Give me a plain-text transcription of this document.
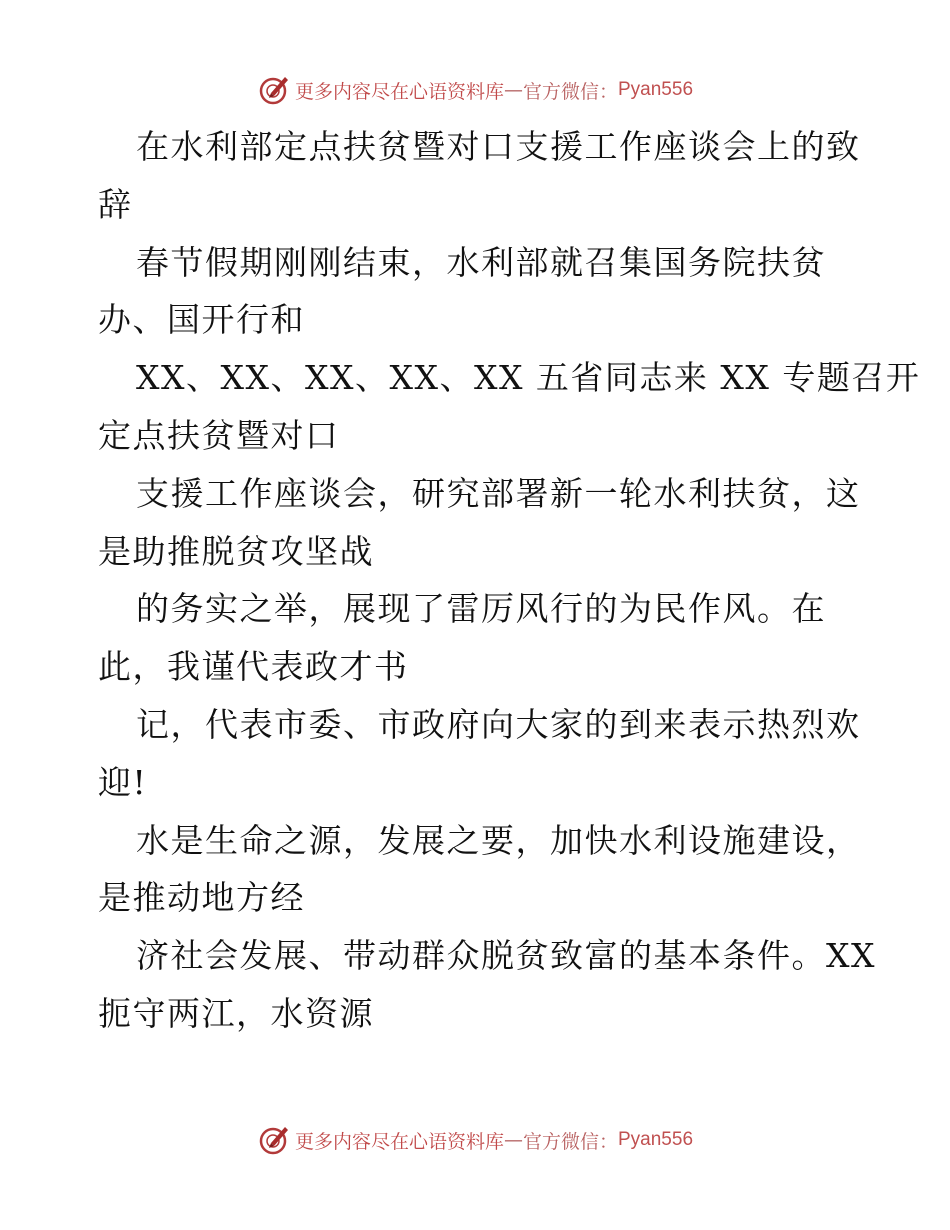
更多内容尽在心语资料库 — 官方微信： Pyan556
在水利部定点扶贫暨对口支援工作座谈会上的致
辞
春节假期刚刚结束，水利部就召集国务院扶贫
办、国开行和
XX、XX、XX、XX、XX 五省同志来 XX 专题召开
定点扶贫暨对口
支援工作座谈会，研究部署新一轮水利扶贫，这
是助推脱贫攻坚战
的务实之举，展现了雷厉风行的为民作风。在
此，我谨代表政才书
记，代表市委、市政府向大家的到来表示热烈欢
迎!
水是生命之源，发展之要，加快水利设施建设，
是推动地方经
济社会发展、带动群众脱贫致富的基本条件。XX
扼守两江，水资源
更多内容尽在心语资料库 — 官方微信： Pyan556
